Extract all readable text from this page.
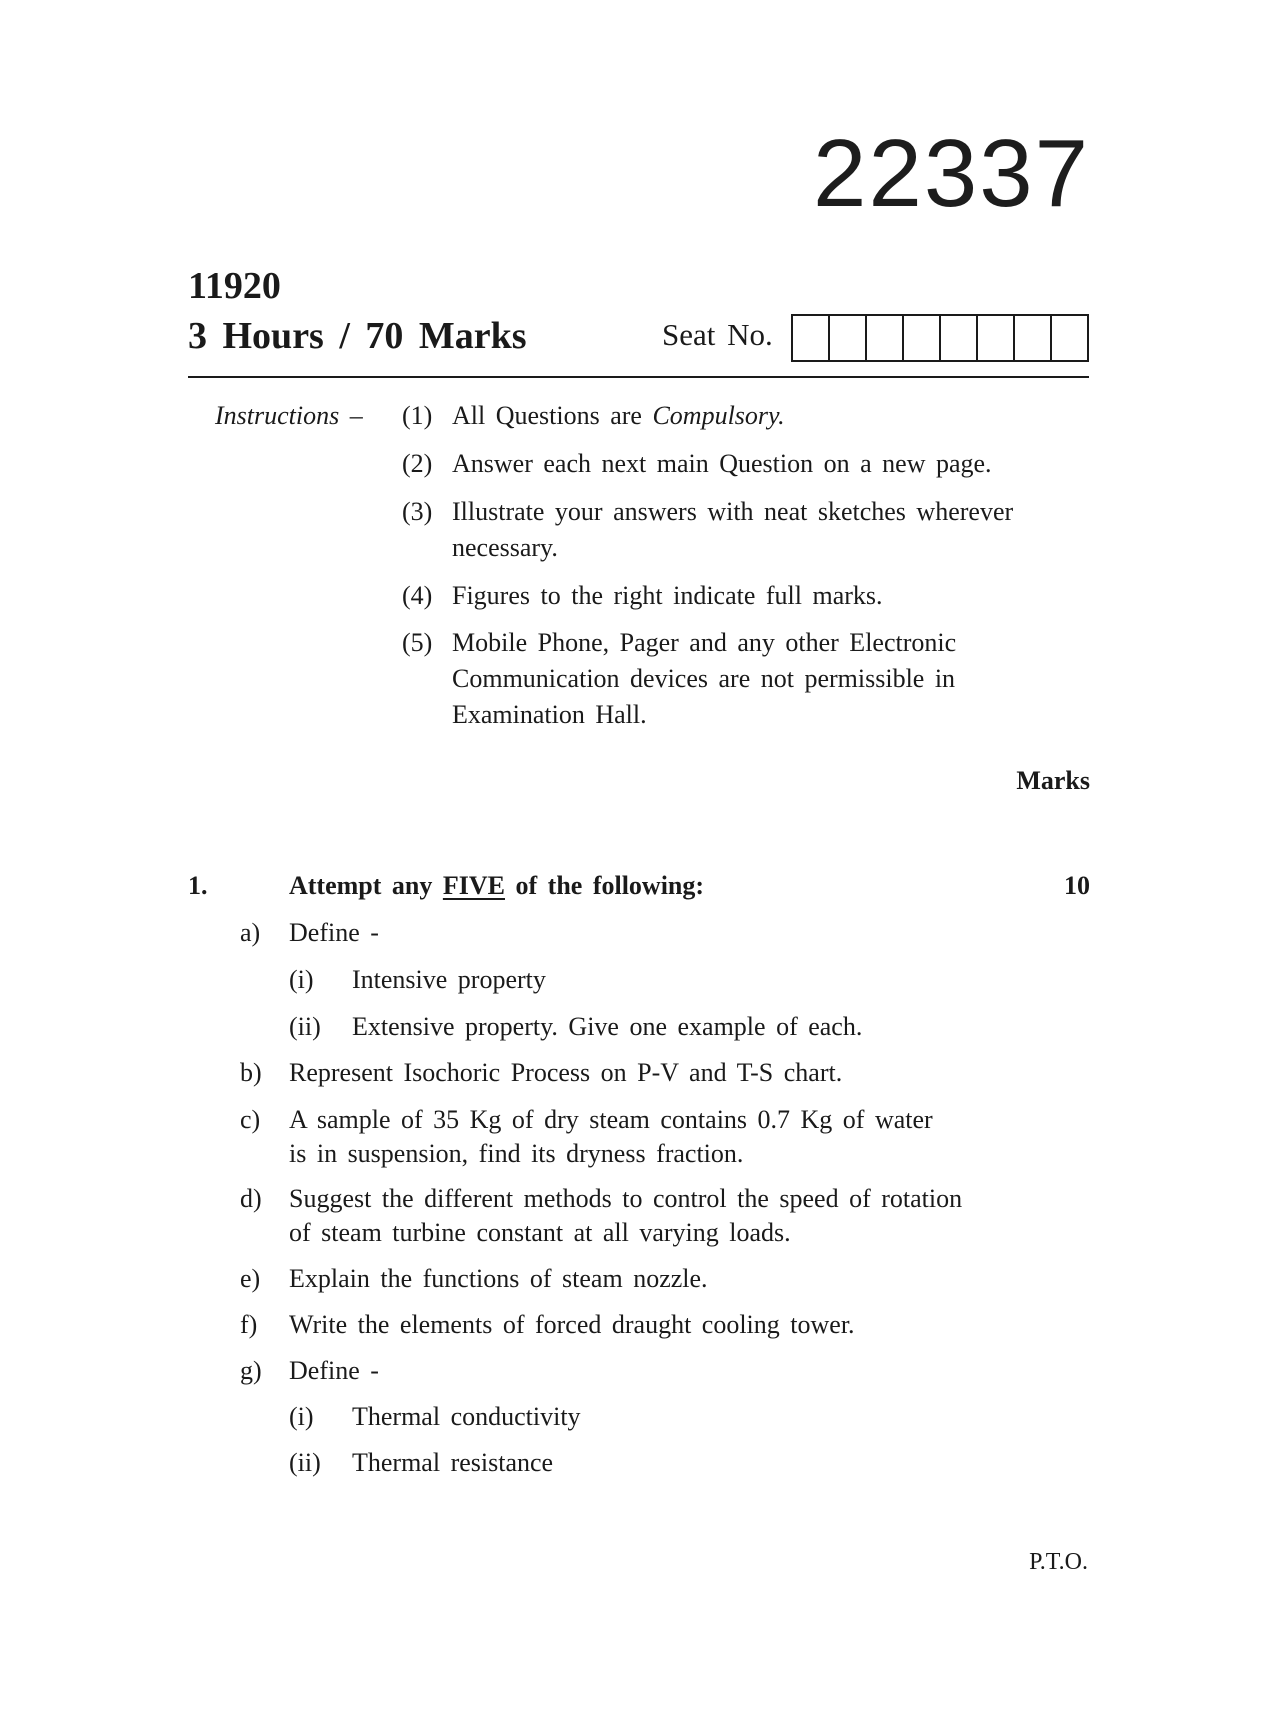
22337
11920
3 Hours / 70 Marks	Seat No.
Instructions – (1) All Questions are Compulsory.
(2) Answer each next main Question on a new page.
(3) Illustrate your answers with neat sketches wherever
necessary.
(4) Figures to the right indicate full marks.
(5) Mobile Phone, Pager and any other Electronic
Communication devices are not permissible in
Examination Hall.
Marks
1.	Attempt any FIVE of the following:	10
a) Define -
(i) Intensive property
(ii) Extensive property. Give one example of each.
b) Represent Isochoric Process on P-V and T-S chart.
c) A sample of 35 Kg of dry steam contains 0.7 Kg of water
is in suspension, find its dryness fraction.
d) Suggest the different methods to control the speed of rotation
of steam turbine constant at all varying loads.
e) Explain the functions of steam nozzle.
f) Write the elements of forced draught cooling tower.
g) Define -
(i) Thermal conductivity
(ii) Thermal resistance
P.T.O.
